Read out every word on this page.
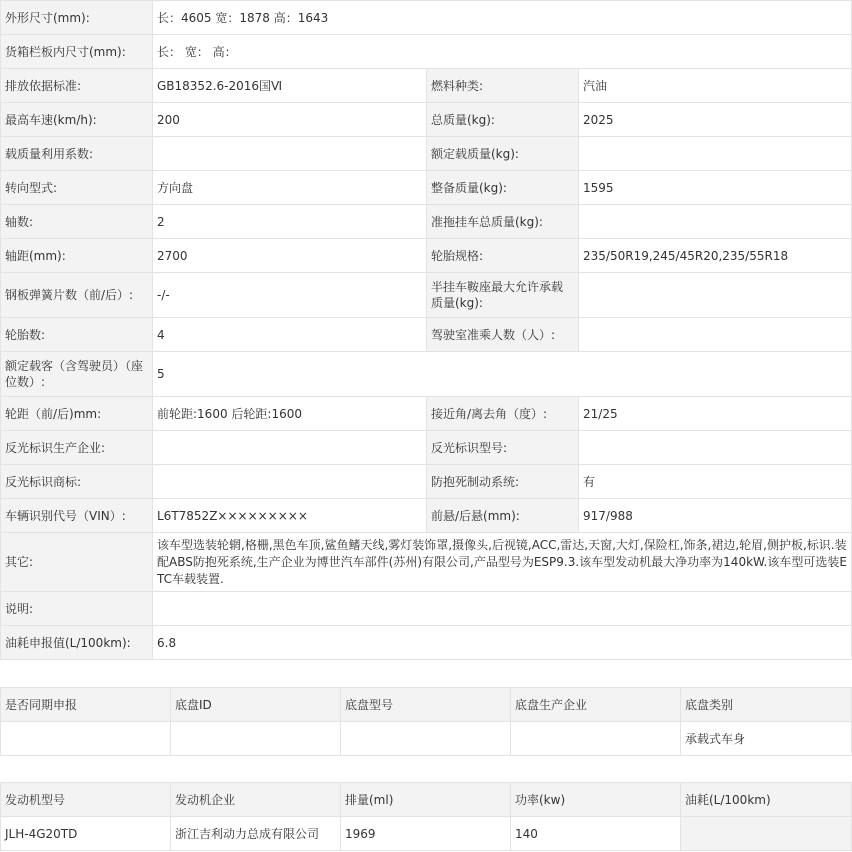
外形尺寸(mm):	长：4605 宽：1878 高：1643		
货箱栏板内尺寸(mm):	长： 宽： 高：		
排放依据标准:	GB18352.6-2016国Ⅵ	燃料种类:	汽油
最高车速(km/h):	200	总质量(kg):	2025
载质量利用系数:		额定载质量(kg):	
转向型式:	方向盘	整备质量(kg):	1595
轴数:	2	准拖挂车总质量(kg):	
轴距(mm):	2700	轮胎规格:	235/50R19,245/45R20,235/55R18
钢板弹簧片数（前/后）:	-/-	半挂车鞍座最大允许承载质量(kg):	
轮胎数:	4	驾驶室准乘人数（人）:	
额定载客（含驾驶员）（座位数）:	5		
轮距（前/后)mm:	前轮距:1600 后轮距:1600	接近角/离去角（度）:	21/25
反光标识生产企业:		反光标识型号:	
反光标识商标:		防抱死制动系统:	有
车辆识别代号（VIN）:	L6T7852Z×××××××××	前悬/后悬(mm):	917/988
其它:	该车型选装轮辋,格栅,黑色车顶,鲨鱼鳍天线,雾灯装饰罩,摄像头,后视镜,ACC,雷达,天窗,大灯,保险杠,饰条,裙边,轮眉,侧护板,标识.装配ABS防抱死系统,生产企业为博世汽车部件(苏州)有限公司,产品型号为ESP9.3.该车型发动机最大净功率为140kW.该车型可选装ETC车载装置.		
说明:			
油耗申报值(L/100km):	6.8		
是否同期申报	底盘ID	底盘型号	底盘生产企业	底盘类别
				承载式车身
发动机型号	发动机企业	排量(ml)	功率(kw)	油耗(L/100km)
JLH-4G20TD	浙江吉利动力总成有限公司	1969	140	
